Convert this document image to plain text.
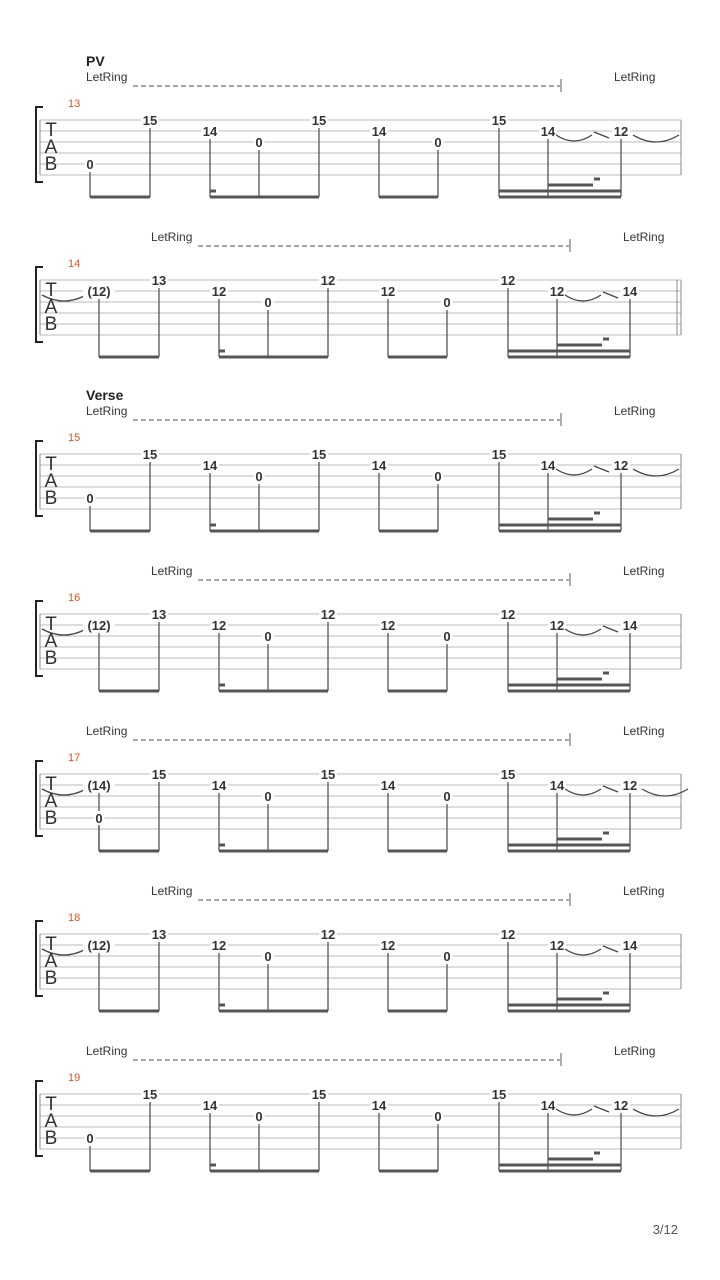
PV
LetRing	LetRing
13
T
A
B 0
15
14
0
15
14
0
15
14	12
LetRing	LetRing
14
T
A
B
(12)
13
12
0
12
12
0
12
12	14
Verse
LetRing	LetRing
15
T
A
B 0
15
14
0
15
14
0
15
14	12
LetRing	LetRing
16
T
A
B
(12)
13
12
0
12
12
0
12
12	14
LetRing	LetRing
17
T
A
B
(14)
0
15
14
0
15
14
0
15
14	12
LetRing	LetRing
18
T
A
B
(12)
13
12
0
12
12
0
12
12	14
LetRing	LetRing
19
T
A
B 0
15
14
0
15
14
0
15
14	12
3/12
